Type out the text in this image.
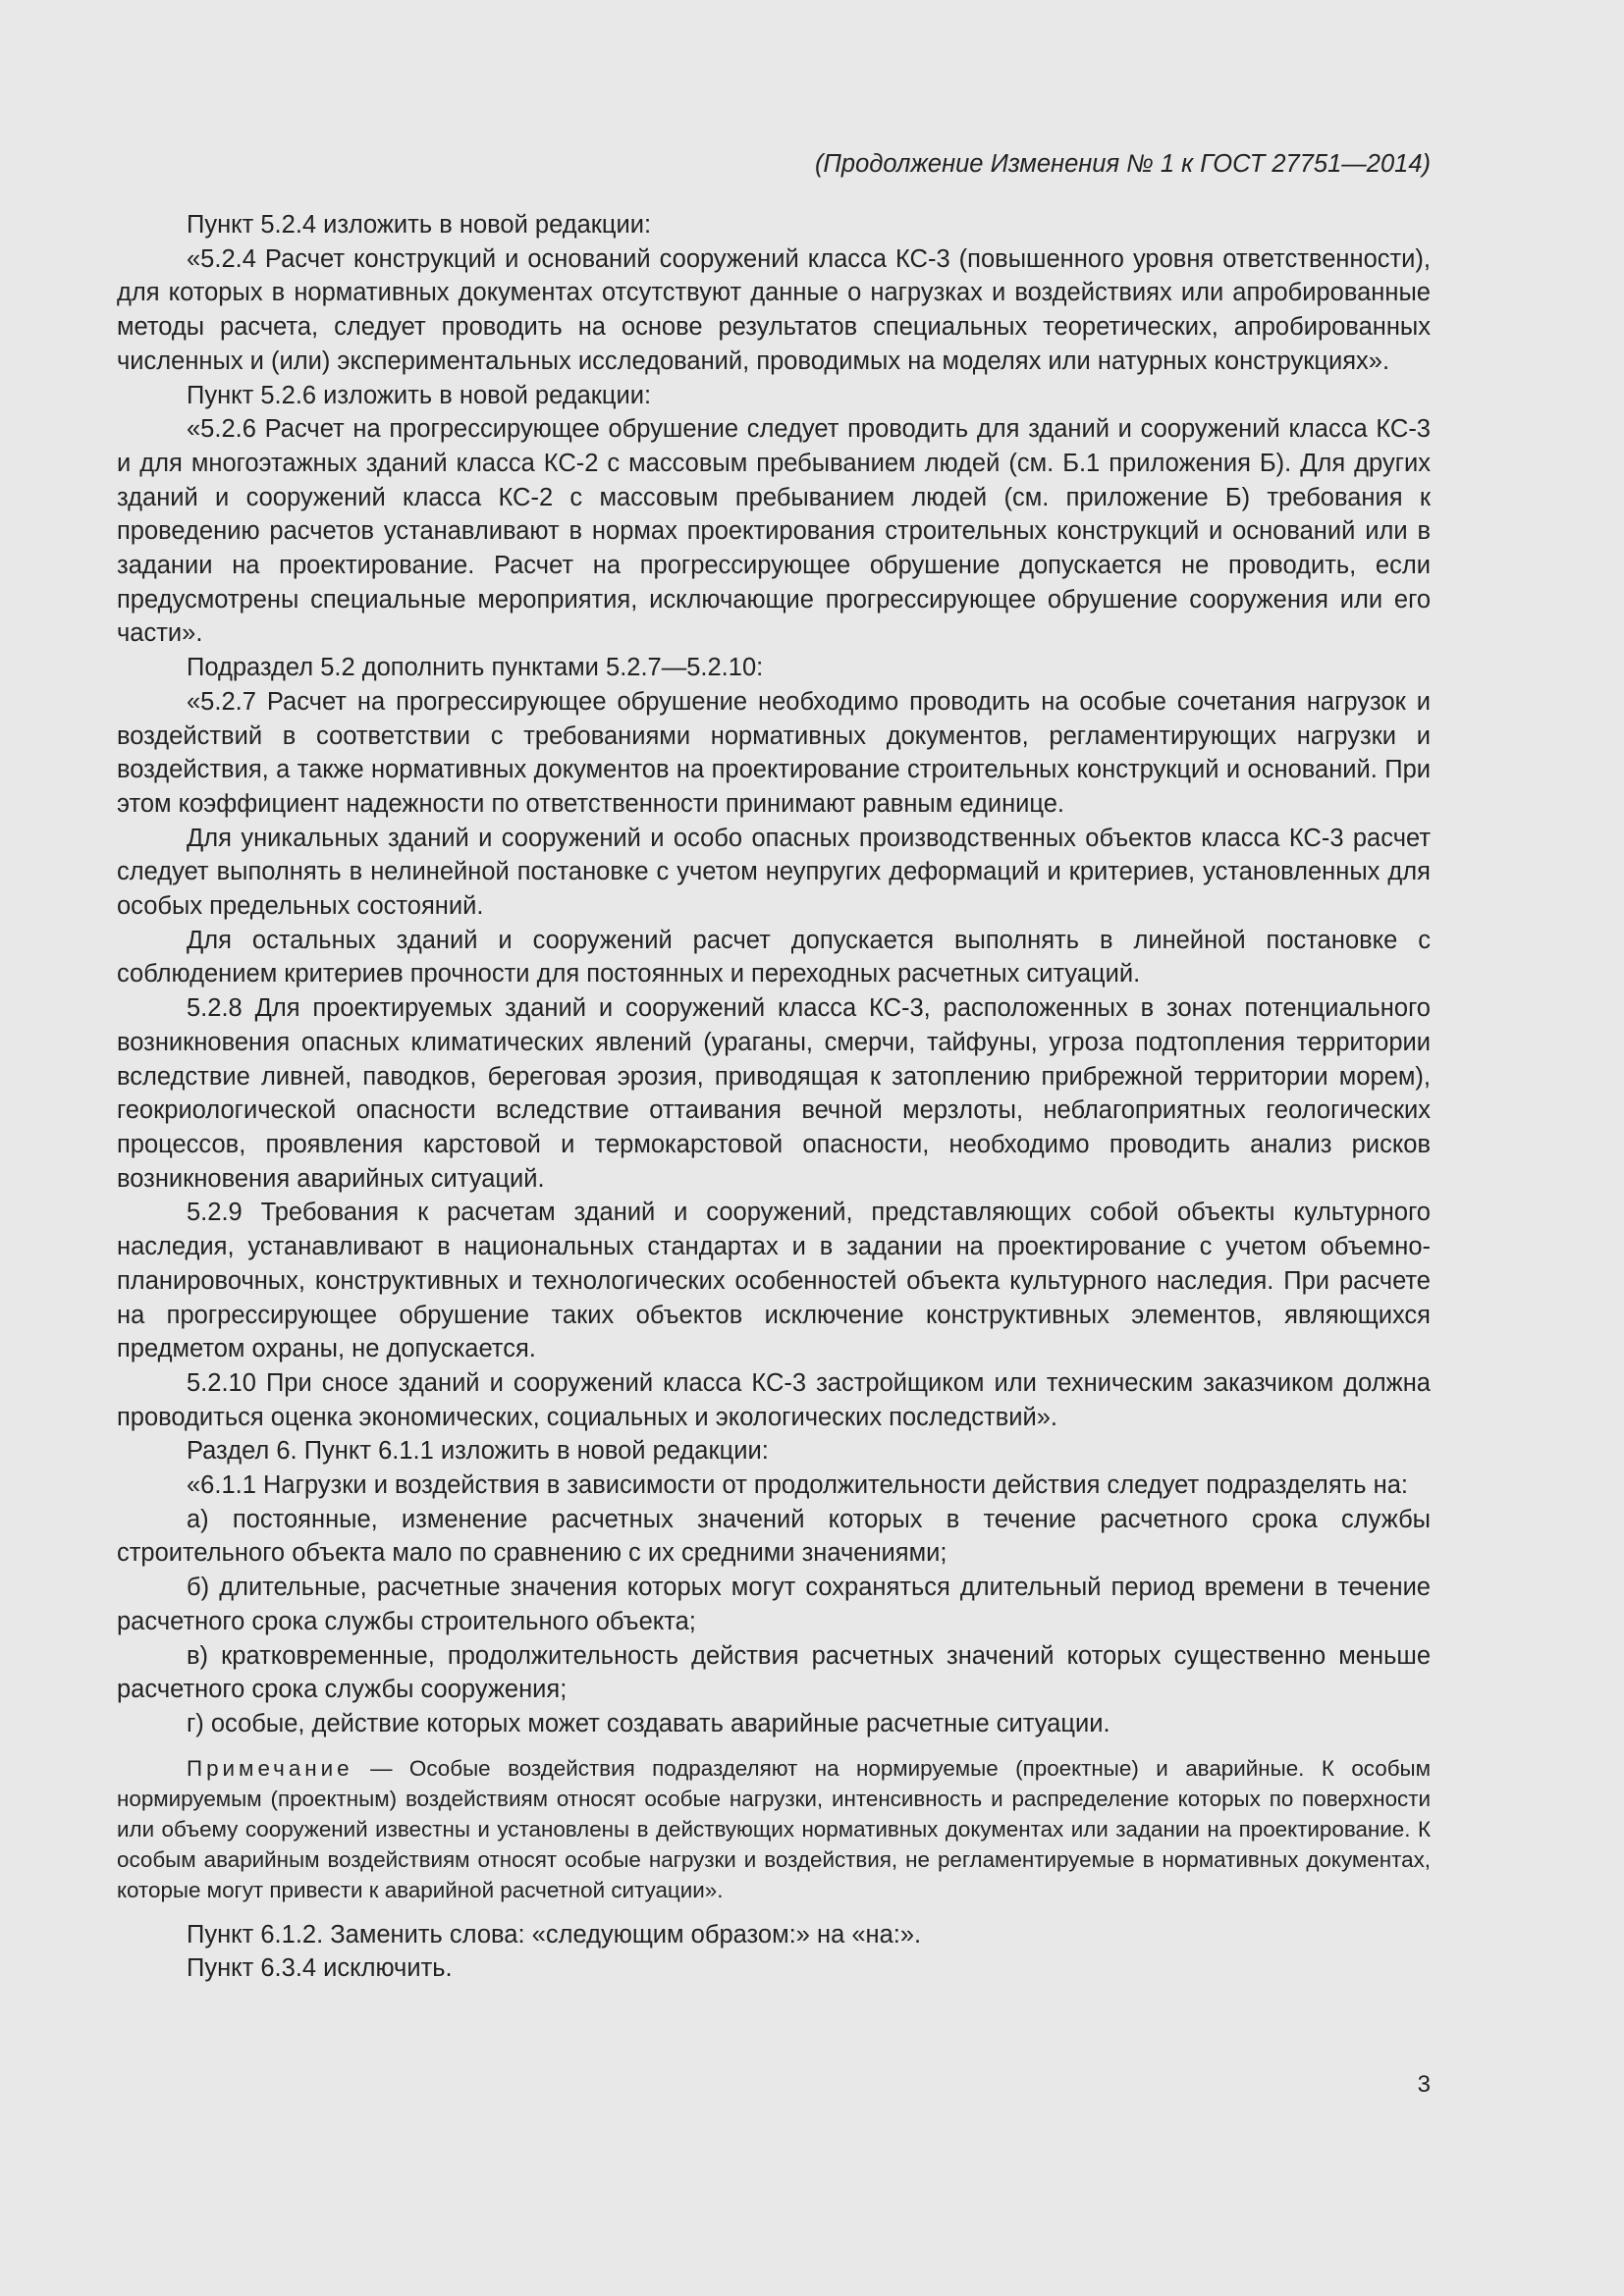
(Продолжение Изменения № 1 к ГОСТ 27751—2014)

Пункт 5.2.4 изложить в новой редакции:

«5.2.4 Расчет конструкций и оснований сооружений класса КС-3 (повышенного уровня ответственности), для которых в нормативных документах отсутствуют данные о нагрузках и воздействиях или апробированные методы расчета, следует проводить на основе результатов специальных теоретических, апробированных численных и (или) экспериментальных исследований, проводимых на моделях или натурных конструкциях».

Пункт 5.2.6 изложить в новой редакции:

«5.2.6 Расчет на прогрессирующее обрушение следует проводить для зданий и сооружений класса КС-3 и для многоэтажных зданий класса КС-2 с массовым пребыванием людей (см. Б.1 приложения Б). Для других зданий и сооружений класса КС-2 с массовым пребыванием людей (см. приложение Б) требования к проведению расчетов устанавливают в нормах проектирования строительных конструкций и оснований или в задании на проектирование. Расчет на прогрессирующее обрушение допускается не проводить, если предусмотрены специальные мероприятия, исключающие прогрессирующее обрушение сооружения или его части».

Подраздел 5.2 дополнить пунктами 5.2.7—5.2.10:

«5.2.7 Расчет на прогрессирующее обрушение необходимо проводить на особые сочетания нагрузок и воздействий в соответствии с требованиями нормативных документов, регламентирующих нагрузки и воздействия, а также нормативных документов на проектирование строительных конструкций и оснований. При этом коэффициент надежности по ответственности принимают равным единице.

Для уникальных зданий и сооружений и особо опасных производственных объектов класса КС-3 расчет следует выполнять в нелинейной постановке с учетом неупругих деформаций и критериев, установленных для особых предельных состояний.

Для остальных зданий и сооружений расчет допускается выполнять в линейной постановке с соблюдением критериев прочности для постоянных и переходных расчетных ситуаций.

5.2.8 Для проектируемых зданий и сооружений класса КС-3, расположенных в зонах потенциального возникновения опасных климатических явлений (ураганы, смерчи, тайфуны, угроза подтопления территории вследствие ливней, паводков, береговая эрозия, приводящая к затоплению прибрежной территории морем), геокриологической опасности вследствие оттаивания вечной мерзлоты, неблагоприятных геологических процессов, проявления карстовой и термокарстовой опасности, необходимо проводить анализ рисков возникновения аварийных ситуаций.

5.2.9 Требования к расчетам зданий и сооружений, представляющих собой объекты культурного наследия, устанавливают в национальных стандартах и в задании на проектирование с учетом объемно-планировочных, конструктивных и технологических особенностей объекта культурного наследия. При расчете на прогрессирующее обрушение таких объектов исключение конструктивных элементов, являющихся предметом охраны, не допускается.

5.2.10 При сносе зданий и сооружений класса КС-3 застройщиком или техническим заказчиком должна проводиться оценка экономических, социальных и экологических последствий».

Раздел 6. Пункт 6.1.1 изложить в новой редакции:

«6.1.1 Нагрузки и воздействия в зависимости от продолжительности действия следует подразделять на:

а) постоянные, изменение расчетных значений которых в течение расчетного срока службы строительного объекта мало по сравнению с их средними значениями;

б) длительные, расчетные значения которых могут сохраняться длительный период времени в течение расчетного срока службы строительного объекта;

в) кратковременные, продолжительность действия расчетных значений которых существенно меньше расчетного срока службы сооружения;

г) особые, действие которых может создавать аварийные расчетные ситуации.

Примечание — Особые воздействия подразделяют на нормируемые (проектные) и аварийные. К особым нормируемым (проектным) воздействиям относят особые нагрузки, интенсивность и распределение которых по поверхности или объему сооружений известны и установлены в действующих нормативных документах или задании на проектирование. К особым аварийным воздействиям относят особые нагрузки и воздействия, не регламентируемые в нормативных документах, которые могут привести к аварийной расчетной ситуации».

Пункт 6.1.2. Заменить слова: «следующим образом:» на «на:».

Пункт 6.3.4 исключить.

3
